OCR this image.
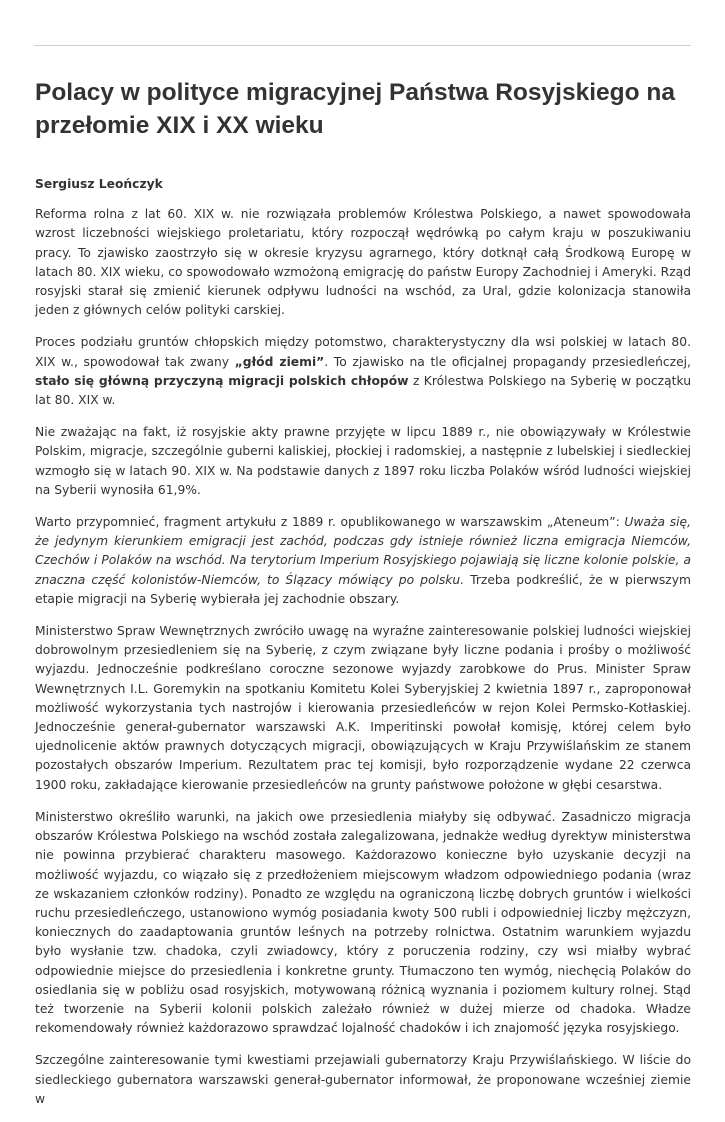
Polacy w polityce migracyjnej Państwa Rosyjskiego na przełomie XIX i XX wieku

Sergiusz Leończyk

Reforma rolna z lat 60. XIX w. nie rozwiązała problemów Królestwa Polskiego, a nawet spowodowała wzrost liczebności wiejskiego proletariatu, który rozpoczął wędrówką po całym kraju w poszukiwaniu pracy. To zjawisko zaostrzyło się w okresie kryzysu agrarnego, który dotknął całą Środkową Europę w latach 80. XIX wieku, co spowodowało wzmożoną emigrację do państw Europy Zachodniej i Ameryki. Rząd rosyjski starał się zmienić kierunek odpływu ludności na wschód, za Ural, gdzie kolonizacja stanowiła jeden z głównych celów polityki carskiej.

Proces podziału gruntów chłopskich między potomstwo, charakterystyczny dla wsi polskiej w latach 80. XIX w., spowodował tak zwany „głód ziemi”. To zjawisko na tle oficjalnej propagandy przesiedleńczej, stało się główną przyczyną migracji polskich chłopów z Królestwa Polskiego na Syberię w początku lat 80. XIX w.

Nie zważając na fakt, iż rosyjskie akty prawne przyjęte w lipcu 1889 r., nie obowiązywały w Królestwie Polskim, migracje, szczególnie guberni kaliskiej, płockiej i radomskiej, a następnie z lubelskiej i siedleckiej wzmogło się w latach 90. XIX w. Na podstawie danych z 1897 roku liczba Polaków wśród ludności wiejskiej na Syberii wynosiła 61,9%.

Warto przypomnieć, fragment artykułu z 1889 r. opublikowanego w warszawskim „Ateneum”: Uważa się, że jedynym kierunkiem emigracji jest zachód, podczas gdy istnieje również liczna emigracja Niemców, Czechów i Polaków na wschód. Na terytorium Imperium Rosyjskiego pojawiają się liczne kolonie polskie, a znaczna część kolonistów-Niemców, to Ślązacy mówiący po polsku. Trzeba podkreślić, że w pierwszym etapie migracji na Syberię wybierała jej zachodnie obszary.

Ministerstwo Spraw Wewnętrznych zwróciło uwagę na wyraźne zainteresowanie polskiej ludności wiejskiej dobrowolnym przesiedleniem się na Syberię, z czym związane były liczne podania i prośby o możliwość wyjazdu. Jednocześnie podkreślano coroczne sezonowe wyjazdy zarobkowe do Prus. Minister Spraw Wewnętrznych I.L. Goremykin na spotkaniu Komitetu Kolei Syberyjskiej 2 kwietnia 1897 r., zaproponował możliwość wykorzystania tych nastrojów i kierowania przesiedleńców w rejon Kolei Permsko-Kotłaskiej. Jednocześnie generał-gubernator warszawski A.K. Imperitinski powołał komisję, której celem było ujednolicenie aktów prawnych dotyczących migracji, obowiązujących w Kraju Przywiślańskim ze stanem pozostałych obszarów Imperium. Rezultatem prac tej komisji, było rozporządzenie wydane 22 czerwca 1900 roku, zakładające kierowanie przesiedleńców na grunty państwowe położone w głębi cesarstwa.

Ministerstwo określiło warunki, na jakich owe przesiedlenia miałyby się odbywać. Zasadniczo migracja obszarów Królestwa Polskiego na wschód została zalegalizowana, jednakże według dyrektyw ministerstwa nie powinna przybierać charakteru masowego. Każdorazowo konieczne było uzyskanie decyzji na możliwość wyjazdu, co wiązało się z przedłożeniem miejscowym władzom odpowiedniego podania (wraz ze wskazaniem członków rodziny). Ponadto ze względu na ograniczoną liczbę dobrych gruntów i wielkości ruchu przesiedleńczego, ustanowiono wymóg posiadania kwoty 500 rubli i odpowiedniej liczby mężczyzn, koniecznych do zaadaptowania gruntów leśnych na potrzeby rolnictwa. Ostatnim warunkiem wyjazdu było wysłanie tzw. chadoka, czyli zwiadowcy, który z poruczenia rodziny, czy wsi miałby wybrać odpowiednie miejsce do przesiedlenia i konkretne grunty. Tłumaczono ten wymóg, niechęcią Polaków do osiedlania się w pobliżu osad rosyjskich, motywowaną różnicą wyznania i poziomem kultury rolnej. Stąd też tworzenie na Syberii kolonii polskich zależało również w dużej mierze od chadoka. Władze rekomendowały również każdorazowo sprawdzać lojalność chadoków i ich znajomość języka rosyjskiego.

Szczególne zainteresowanie tymi kwestiami przejawiali gubernatorzy Kraju Przywiślańskiego. W liście do siedleckiego gubernatora warszawski generał-gubernator informował, że proponowane wcześniej ziemie w
